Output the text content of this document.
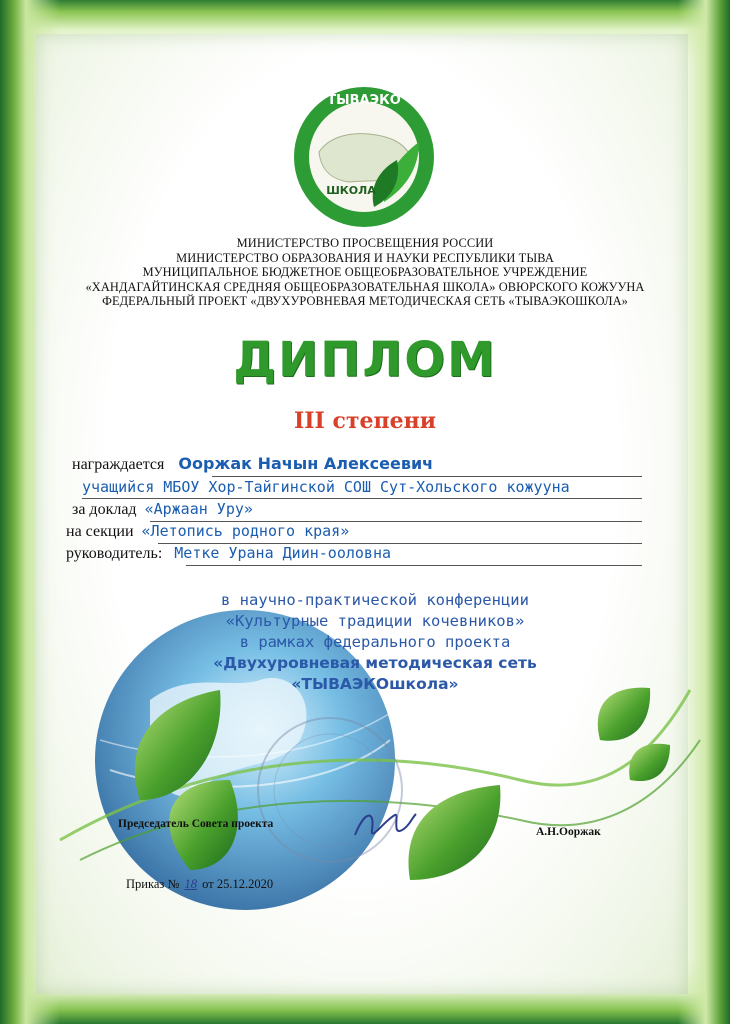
ТЫВАЭКО
ШКОЛА
МИНИСТЕРСТВО ПРОСВЕЩЕНИЯ РОССИИ
МИНИСТЕРСТВО ОБРАЗОВАНИЯ И НАУКИ РЕСПУБЛИКИ ТЫВА
МУНИЦИПАЛЬНОЕ БЮДЖЕТНОЕ ОБЩЕОБРАЗОВАТЕЛЬНОЕ УЧРЕЖДЕНИЕ
«ХАНДАГАЙТИНСКАЯ СРЕДНЯЯ ОБЩЕОБРАЗОВАТЕЛЬНАЯ ШКОЛА» ОВЮРСКОГО КОЖУУНА
ФЕДЕРАЛЬНЫЙ ПРОЕКТ «ДВУХУРОВНЕВАЯ МЕТОДИЧЕСКАЯ СЕТЬ «ТЫВАЭКОШКОЛА»
ДИПЛОМ
III степени
награждается Ооржак Начын Алексеевич
учащийся МБОУ Хор-Тайгинской СОШ Сут-Хольского кожууна
за доклад «Аржаан Уру»
на секции «Летопись родного края»
руководитель: Метке Урана Диин-ооловна
в научно-практической конференции
«Культурные традиции кочевников»
в рамках федерального проекта
«Двухуровневая методическая сеть
«ТЫВАЭКОшкола»
Председатель Совета проекта
А.Н.Ооржак
Приказ № 18 от 25.12.2020
